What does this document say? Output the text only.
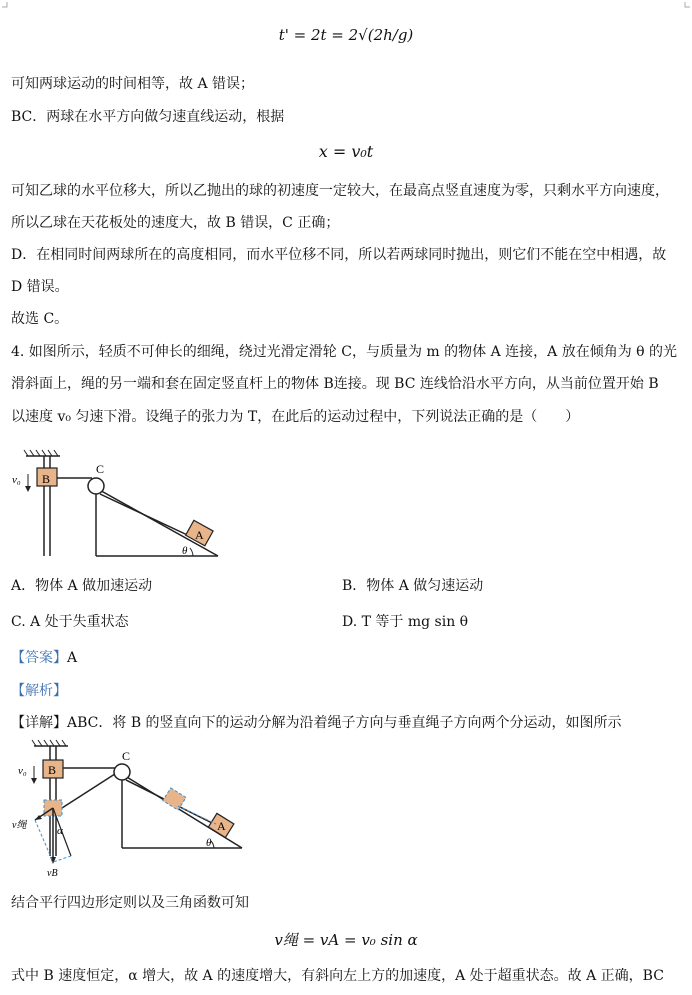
t' = 2t = 2√(2h/g)
可知两球运动的时间相等，故 A 错误；
BC．两球在水平方向做匀速直线运动，根据
x = v₀t
可知乙球的水平位移大，所以乙抛出的球的初速度一定较大，在最高点竖直速度为零，只剩水平方向速度，
所以乙球在天花板处的速度大，故 B 错误，C 正确；
D．在相同时间两球所在的高度相同，而水平位移不同，所以若两球同时抛出，则它们不能在空中相遇，故
D 错误。
故选 C。
4. 如图所示，轻质不可伸长的细绳，绕过光滑定滑轮 C，与质量为 m 的物体 A 连接，A 放在倾角为 θ 的光
滑斜面上，绳的另一端和套在固定竖直杆上的物体 B连接。现 BC 连线恰沿水平方向，从当前位置开始 B
以速度 v₀ 匀速下滑。设绳子的张力为 T，在此后的运动过程中，下列说法正确的是（　　）
B
C
A
v₀
θ
A．物体 A 做加速运动	B．物体 A 做匀速运动
C. A 处于失重状态	D. T 等于 mg sin θ
【答案】A
【解析】
【详解】ABC．将 B 的竖直向下的运动分解为沿着绳子方向与垂直绳子方向两个分运动，如图所示
B
C
A
v₀
θ
α
v绳
vB
结合平行四边形定则以及三角函数可知
v绳 = vA = v₀ sin α
式中 B 速度恒定，α 增大，故 A 的速度增大，有斜向左上方的加速度，A 处于超重状态。故 A 正确，BC
